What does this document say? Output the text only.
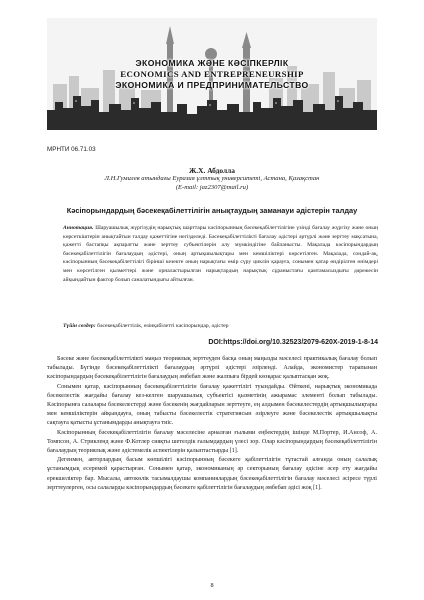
ЭКОНОМИКА ЖӘНЕ КӘСІПКЕРЛІК
ECONOMICS AND ENTREPRENEURSHIP
ЭКОНОМИКА И ПРЕДПРИНИМАТЕЛЬСТВО
МРНТИ 06.71.03
Ж.Х. Абдолла
Л.Н.Гумилев атындағы Еуразия ұлттық университеті, Астана, Қазақстан
(E-mail: jaz2307@mail.ru)
Кәсіпорындардың бәсекеқабілеттілігін анықтаудың заманауи әдістерін талдау
Аннотация. Шаруашылық жүргізудің нарықтық шарттары кәсіпорынның бәсекеқабілеттілігіне үзінді бағалау жүргізу және оның көрсеткіштерін анықтайтын талдау қажеттігіне негізделеді. Бәсекеқабілеттілікті бағалау әдістері әртүрлі және зерттеу мақсатына, қажетті бастапқы ақпаратты және зерттеу субъектілерін алу мүмкіндігіне байланысты. Мақалада кәсіпорындардың бәсекеқабілеттілігін бағалаудың әдістері, оның артықшылықтары мен кемшіліктері көрсетілген. Мақалада, сондай-ақ, кәсіпорынның бәсекеқабілеттілігі бірінші кезекте оның нарықтағы өмір сүру циклін қарауға, сонымен қатар өндірілген өнімдері мен көрсетілген қызметтері және орналастырылған нарықтардың нарықтық сұраныстағы қамтамасыздығы дәрежесін айқындайтын фактор болып саналатындығы айтылған.
Түйін сөздер: бәсекеқабілеттілік, өзінқабілетті кәсіпорындар, әдістер
DOI:https://doi.org/10.32523/2079-620X-2019-1-8-14

Бәсеке және бәсекеқабілеттілікті маңыз теориялық зерттеуден басқа оның маңызды мәселесі практикалық бағалау болып табылады. Бүгінде бәсекеқабілеттілікті бағалаудың әртүрлі әдістері әзірленді. Алайда, экономистер тарапынан кәсіпорындардың бәсекеқабілеттілігін бағалаудың әмбебап және жалпыға бірдей көзқарас қалыптасқан жоқ.

Сонымен қатар, кәсіпорынның бәсекеқабілеттілігін бағалау қажеттілігі туындайды. Өйткені, нарықтық экономикада бәсекелестік жағдайы бағалау кез-келген шаруашылық субъектісі қызметінің ажырамас элементі болып табылады. Кәсіпорынға салалары бәсекелестерді және бәсекенің жағдайларын зерттеуге, ең алдымен бәсекелестердің артықшылықтары мен кемшіліктерін айқындауға, оның табысты бәсекелестік стратегиясын әзірлеуге және бәсекелестік артықшылықты сақтауға қатысты ұстанымдарды анықтауға тиіс.

Кәсіпорынның бәсекеқабілеттілігін бағалау мәселесіне арналған ғылыми еңбектердің ішінде М.Портер, И.Ансоф, А. Томпсон, А. Стрикленд және Ф.Котлер сияқты шетелдік ғалымдардың үлесі зор. Олар кәсіпорындардың бәсекеқабілеттілігін бағалаудың теориялық және әдістемелік аспектілерін қалыптастырды [1].

Дегенмен, авторлардың басым көпшілігі кәсіпорынның бәсекеге қабілеттілігін тұтастай алғанда оның салалық ұстанымдық есеремей қарастырған. Сонымен қатар, экономиканың әр секторының бағалау әдісіне әсер ету жағдайы ерекшеліктер бар. Мысалы, автокөлік тасымалдаушы компаниялардың бәсекеқабілеттілігін бағалау мәселесі әсіресе түрлі зерттеулерген, осы салаларды кәсіпорындардың бәсекеге қабілеттілігін бағалаудың әмбебап әдісі жоқ [1].

8
